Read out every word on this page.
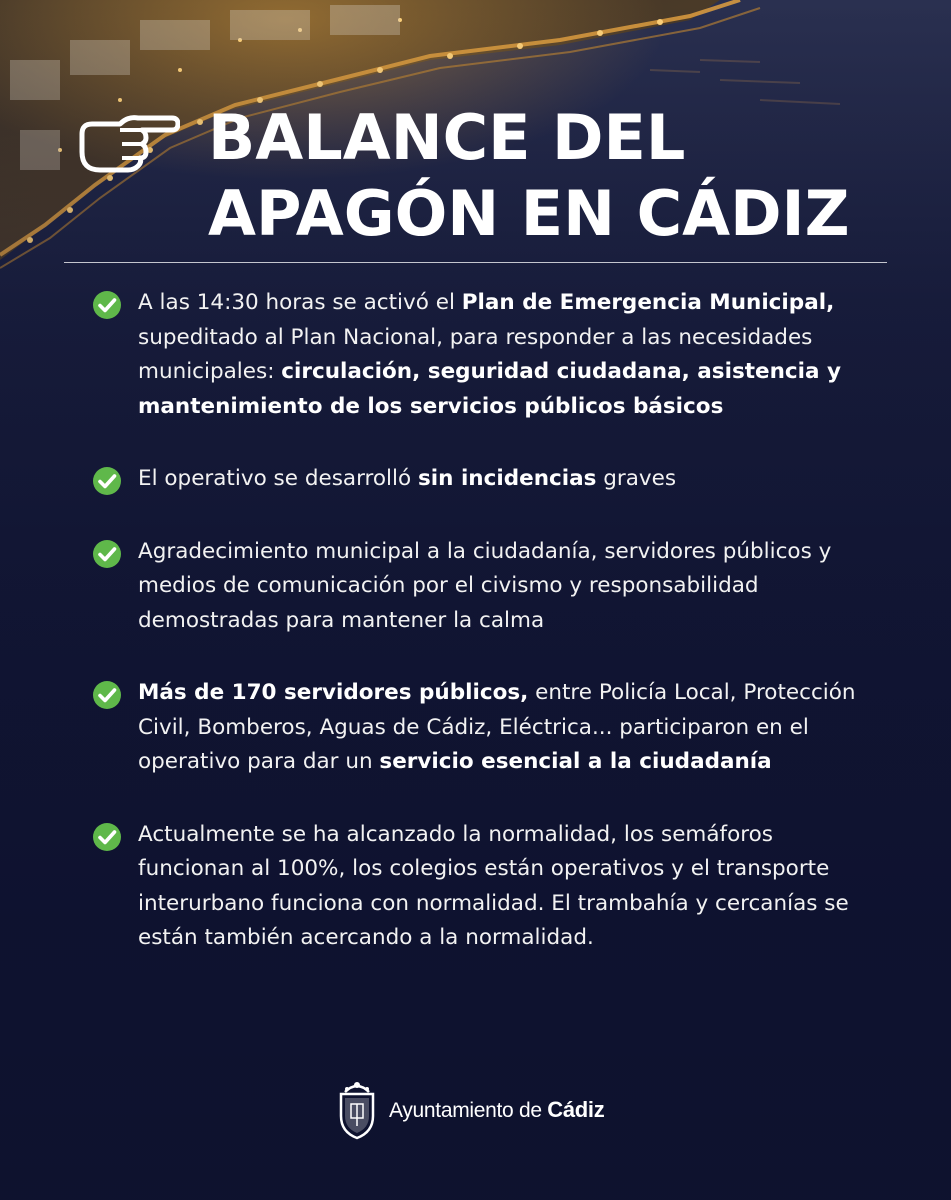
BALANCE DEL
APAGÓN EN CÁDIZ
A las 14:30 horas se activó el Plan de Emergencia Municipal, supeditado al Plan Nacional, para responder a las necesidades municipales: circulación, seguridad ciudadana, asistencia y mantenimiento de los servicios públicos básicos
El operativo se desarrolló sin incidencias graves
Agradecimiento municipal a la ciudadanía, servidores públicos y medios de comunicación por el civismo y responsabilidad demostradas para mantener la calma
Más de 170 servidores públicos, entre Policía Local, Protección Civil, Bomberos, Aguas de Cádiz, Eléctrica... participaron en el operativo para dar un servicio esencial a la ciudadanía
Actualmente se ha alcanzado la normalidad, los semáforos funcionan al 100%, los colegios están operativos y el transporte interurbano funciona con normalidad. El trambahía y cercanías se están también acercando a la normalidad.
Ayuntamiento de Cádiz
